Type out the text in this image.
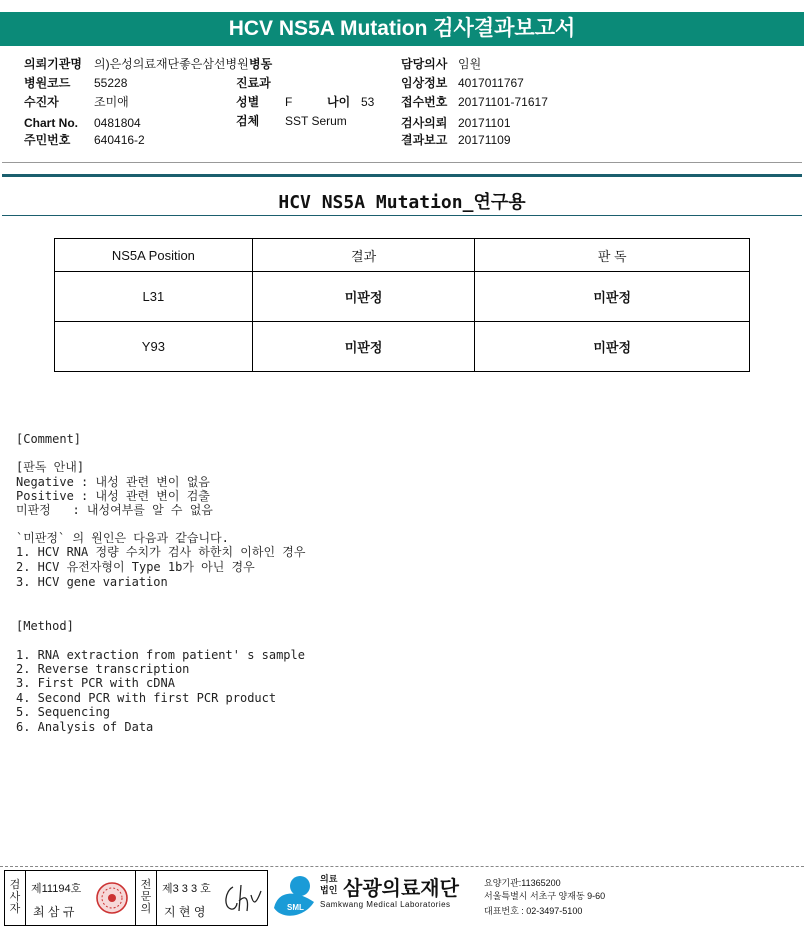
HCV NS5A Mutation 검사결과보고서
의뢰기관명 의)은성의료재단좋은삼선병원
병원코드 55228
수진자	조미애
Chart No. 0481804
주민번호 640416-2
병동
진료과
성별 F	나이 53
검체 SST Serum
담당의사 임원
임상정보 4017011767
접수번호 20171101-71617
검사의뢰 20171101
결과보고 20171109
HCV NS5A Mutation_연구용
NS5A Position	결과	판 독
L31	미판정	미판정
Y93	미판정	미판정
[Comment]
[판독 안내]
Negative : 내성 관련 변이 없음
Positive : 내성 관련 변이 검출
미판정   : 내성여부를 알 수 없음
`미판정` 의 원인은 다음과 같습니다.
1. HCV RNA 정량 수치가 검사 하한치 이하인 경우
2. HCV 유전자형이 Type 1b가 아닌 경우
3. HCV gene variation
[Method]
1. RNA extraction from patient' s sample
2. Reverse transcription
3. First PCR with cDNA
4. Second PCR with first PCR product
5. Sequencing
6. Analysis of Data
검사자
제11194호
최 삼 규
전문의
제3 3 3 호
지 현 영	SML
의료법인 삼광의료재단
Samkwang Medical Laboratories
요양기관:11365200
서울특별시 서초구 양재동 9-60
대표번호 : 02-3497-5100
